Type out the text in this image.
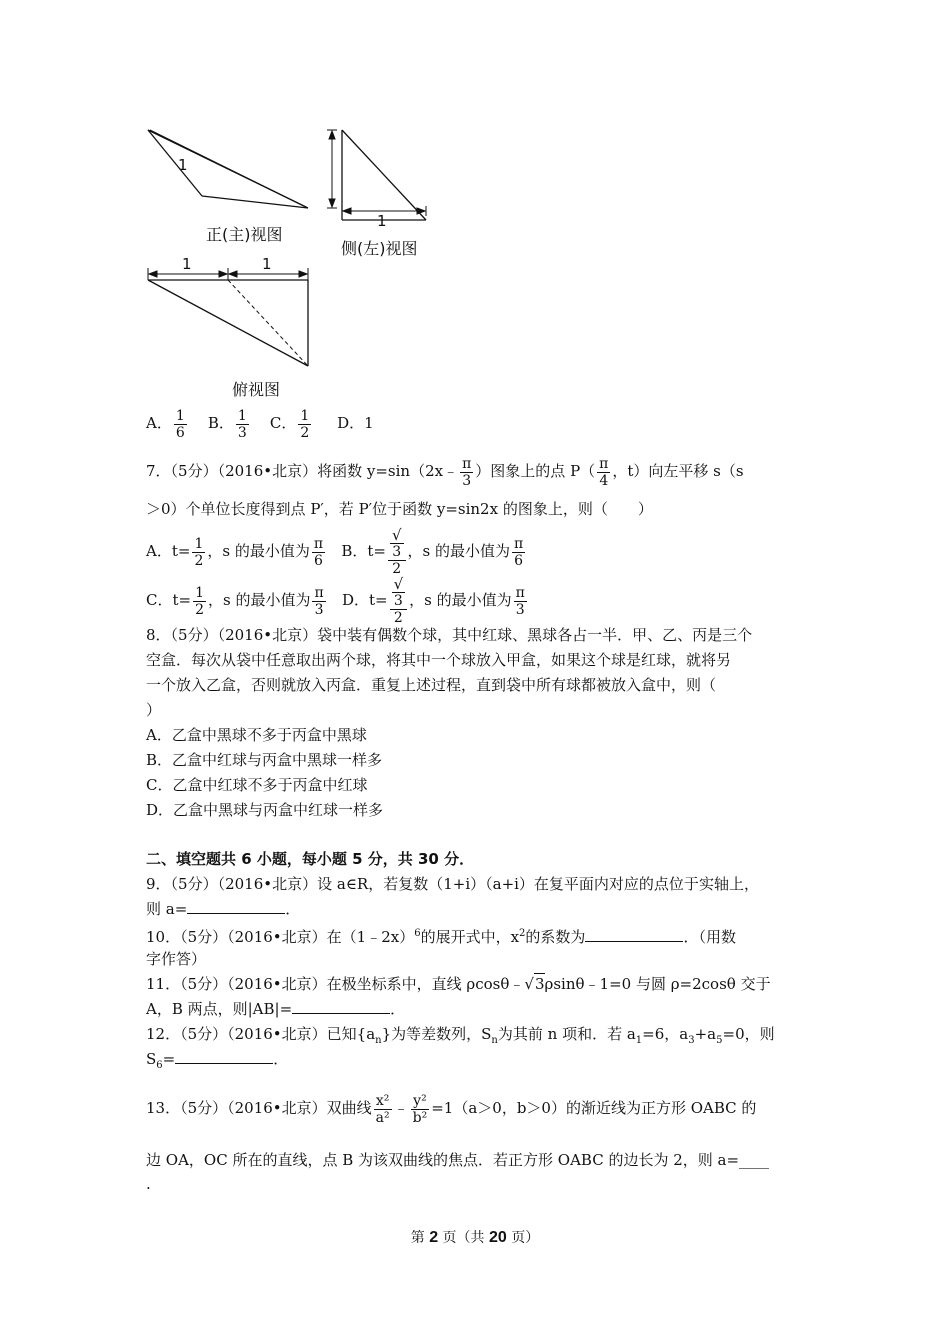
1
1
1	1
正(主)视图
侧(左)视图
俯视图
A． $\frac{1}{6}$ B． $\frac{1}{3}$ C． $\frac{1}{2}$ D．1
7．（5分）（2016•北京）将函数 y=sin（2x﹣ $\frac{\pi}{3}$ ）图象上的点 $P( \frac{\pi}{4}$ ，t）向左平移 s（s
＞0）个单位长度得到点 P′，若 P′位于函数 y=sin2x 的图象上，则（　　）
A．$t= \frac{1}{2}$ ，s 的最小值为 $\frac{\pi}{6}$ B．t= √
3
2 ，s 的最小值为 $\frac{\pi}{6}$
C．$t= \frac{1}{2}$ ，s 的最小值为 $\frac{\pi}{3}$ D．t= √
3
2 ，s 的最小值为 $\frac{\pi}{3}$
8．（5分）（2016•北京）袋中装有偶数个球，其中红球、黑球各占一半．甲、乙、丙是三个
空盒．每次从袋中任意取出两个球，将其中一个球放入甲盒，如果这个球是红球，就将另
一个放入乙盒，否则就放入丙盒．重复上述过程，直到袋中所有球都被放入盒中，则（
）
A．乙盒中黑球不多于丙盒中黑球
B．乙盒中红球与丙盒中黑球一样多
C．乙盒中红球不多于丙盒中红球
D．乙盒中黑球与丙盒中红球一样多
二、填空题共 6 小题，每小题 5 分，共 30 分．
9．（5分）（2016•北京）设 a∈R，若复数（1+i）（a+i）在复平面内对应的点位于实轴上，
则 a=	．
10．（5分）（2016•北京）在（1﹣2x）$^6$的展开式中，$x^2$的系数为	．（用数
字作答）
11．（5分）（2016•北京）在极坐标系中，直线 ρcosθ﹣√3ρsinθ﹣1=0 与圆 ρ=2cosθ 交于
A，B 两点，则|AB|=	．
12．（5分）（2016•北京）已知$\{a_n\}$为等差数列，$S_n$为其前 n 项和．若 $a_1=6$，$a_3+a_5=0$，则
$S_6=$	．
13．（5分）（2016•北京）双曲线 $\frac{\text{x²}}{\text{a²}}$ ﹣ $\frac{\text{y²}}{\text{b²}} =1(a>0$，b＞0）的渐近线为正方形 OABC 的
边 OA，OC 所在的直线，点 B 为该双曲线的焦点．若正方形 OABC 的边长为 2，则 a=____
.
第 2 页（共 20 页）
